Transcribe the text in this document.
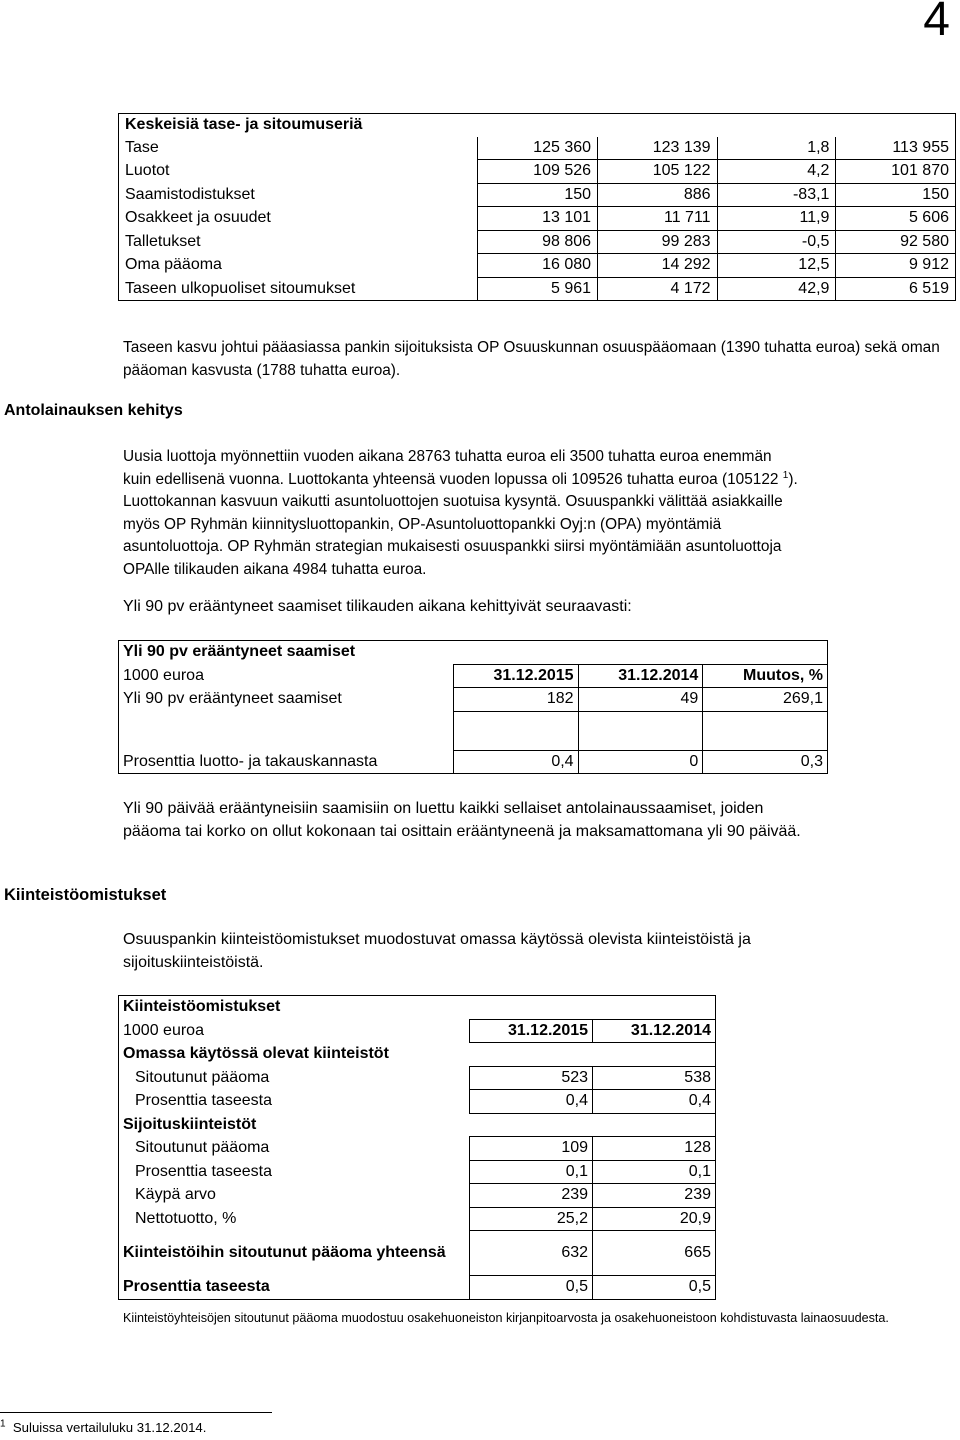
4
Keskeisiä tase- ja sitoumuseriä				
Tase	125 360	123 139	1,8	113 955
Luotot	109 526	105 122	4,2	101 870
Saamistodistukset	150	886	-83,1	150
Osakkeet ja osuudet	13 101	11 711	11,9	5 606
Talletukset	98 806	99 283	-0,5	92 580
Oma pääoma	16 080	14 292	12,5	9 912
Taseen ulkopuoliset sitoumukset	5 961	4 172	42,9	6 519
Taseen kasvu johtui pääasiassa pankin sijoituksista OP Osuuskunnan osuuspääomaan (1390 tuhatta euroa) sekä oman pääoman kasvusta (1788 tuhatta euroa).
Antolainauksen kehitys
Uusia luottoja myönnettiin vuoden aikana 28763 tuhatta euroa eli 3500 tuhatta euroa enemmän
kuin edellisenä vuonna. Luottokanta yhteensä vuoden lopussa oli 109526 tuhatta euroa (105122 $^1$).
Luottokannan kasvuun vaikutti asuntoluottojen suotuisa kysyntä. Osuuspankki välittää asiakkaille
myös OP Ryhmän kiinnitysluottopankin, OP-Asuntoluottopankki Oyj:n (OPA) myöntämiä
asuntoluottoja. OP Ryhmän strategian mukaisesti osuuspankki siirsi myöntämiään asuntoluottoja
OPAlle tilikauden aikana 4984 tuhatta euroa.
Yli 90 pv erääntyneet saamiset tilikauden aikana kehittyivät seuraavasti:
Yli 90 pv erääntyneet saamiset			
1000 euroa	31.12.2015	31.12.2014	Muutos, %
Yli 90 pv erääntyneet saamiset	182	49	269,1

Prosenttia luotto- ja takauskannasta	0,4	0	0,3
Yli 90 päivää erääntyneisiin saamisiin on luettu kaikki sellaiset antolainaussaamiset, joiden
pääoma tai korko on ollut kokonaan tai osittain erääntyneenä ja maksamattomana yli 90 päivää.
Kiinteistöomistukset
Osuuspankin kiinteistöomistukset muodostuvat omassa käytössä olevista kiinteistöistä ja
sijoituskiinteistöistä.
Kiinteistöomistukset		
1000 euroa	31.12.2015	31.12.2014
Omassa käytössä olevat kiinteistöt		
Sitoutunut pääoma	523	538
Prosenttia taseesta	0,4	0,4
Sijoituskiinteistöt		
Sitoutunut pääoma	109	128
Prosenttia taseesta	0,1	0,1
Käypä arvo	239	239
Nettotuotto, %	25,2	20,9
Kiinteistöihin sitoutunut pääoma yhteensä	632	665
Prosenttia taseesta	0,5	0,5
Kiinteistöyhteisöjen sitoutunut pääoma muodostuu osakehuoneiston kirjanpitoarvosta ja osakehuoneistoon kohdistuvasta lainaosuudesta.
$^1$ Suluissa vertailuluku 31.12.2014.
